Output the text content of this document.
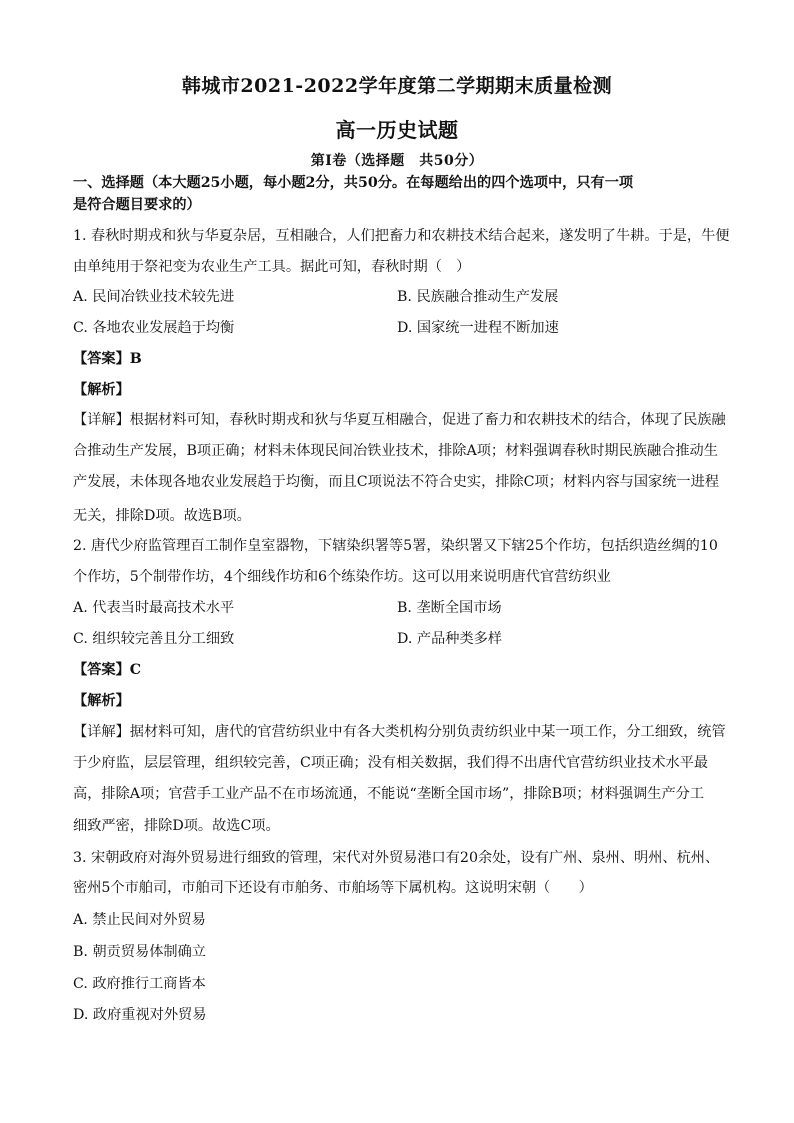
韩城市2021-2022学年度第二学期期末质量检测
高一历史试题
第Ⅰ卷（选择题　共50分）
一、选择题（本大题25小题，每小题2分，共50分。在每题给出的四个选项中，只有一项
是符合题目要求的）
1. 春秋时期戎和狄与华夏杂居，互相融合，人们把畜力和农耕技术结合起来，遂发明了牛耕。于是，牛便
由单纯用于祭祀变为农业生产工具。据此可知，春秋时期（　）
A. 民间冶铁业技术较先进	B. 民族融合推动生产发展
C. 各地农业发展趋于均衡	D. 国家统一进程不断加速
【答案】B
【解析】
【详解】根据材料可知，春秋时期戎和狄与华夏互相融合，促进了畜力和农耕技术的结合，体现了民族融
合推动生产发展，B项正确；材料未体现民间冶铁业技术，排除A项；材料强调春秋时期民族融合推动生
产发展，未体现各地农业发展趋于均衡，而且C项说法不符合史实，排除C项；材料内容与国家统一进程
无关，排除D项。故选B项。
2. 唐代少府监管理百工制作皇室器物，下辖染织署等5署，染织署又下辖25个作坊，包括织造丝绸的10
个作坊，5个制带作坊，4个细线作坊和6个练染作坊。这可以用来说明唐代官营纺织业
A. 代表当时最高技术水平	B. 垄断全国市场
C. 组织较完善且分工细致	D. 产品种类多样
【答案】C
【解析】
【详解】据材料可知，唐代的官营纺织业中有各大类机构分别负责纺织业中某一项工作，分工细致，统管
于少府监，层层管理，组织较完善，C项正确；没有相关数据，我们得不出唐代官营纺织业技术水平最
高，排除A项；官营手工业产品不在市场流通，不能说“垄断全国市场”，排除B项；材料强调生产分工
细致严密，排除D项。故选C项。
3. 宋朝政府对海外贸易进行细致的管理，宋代对外贸易港口有20余处，设有广州、泉州、明州、杭州、
密州5个市舶司，市舶司下还设有市舶务、市舶场等下属机构。这说明宋朝（　　）
A. 禁止民间对外贸易
B. 朝贡贸易体制确立
C. 政府推行工商皆本
D. 政府重视对外贸易
